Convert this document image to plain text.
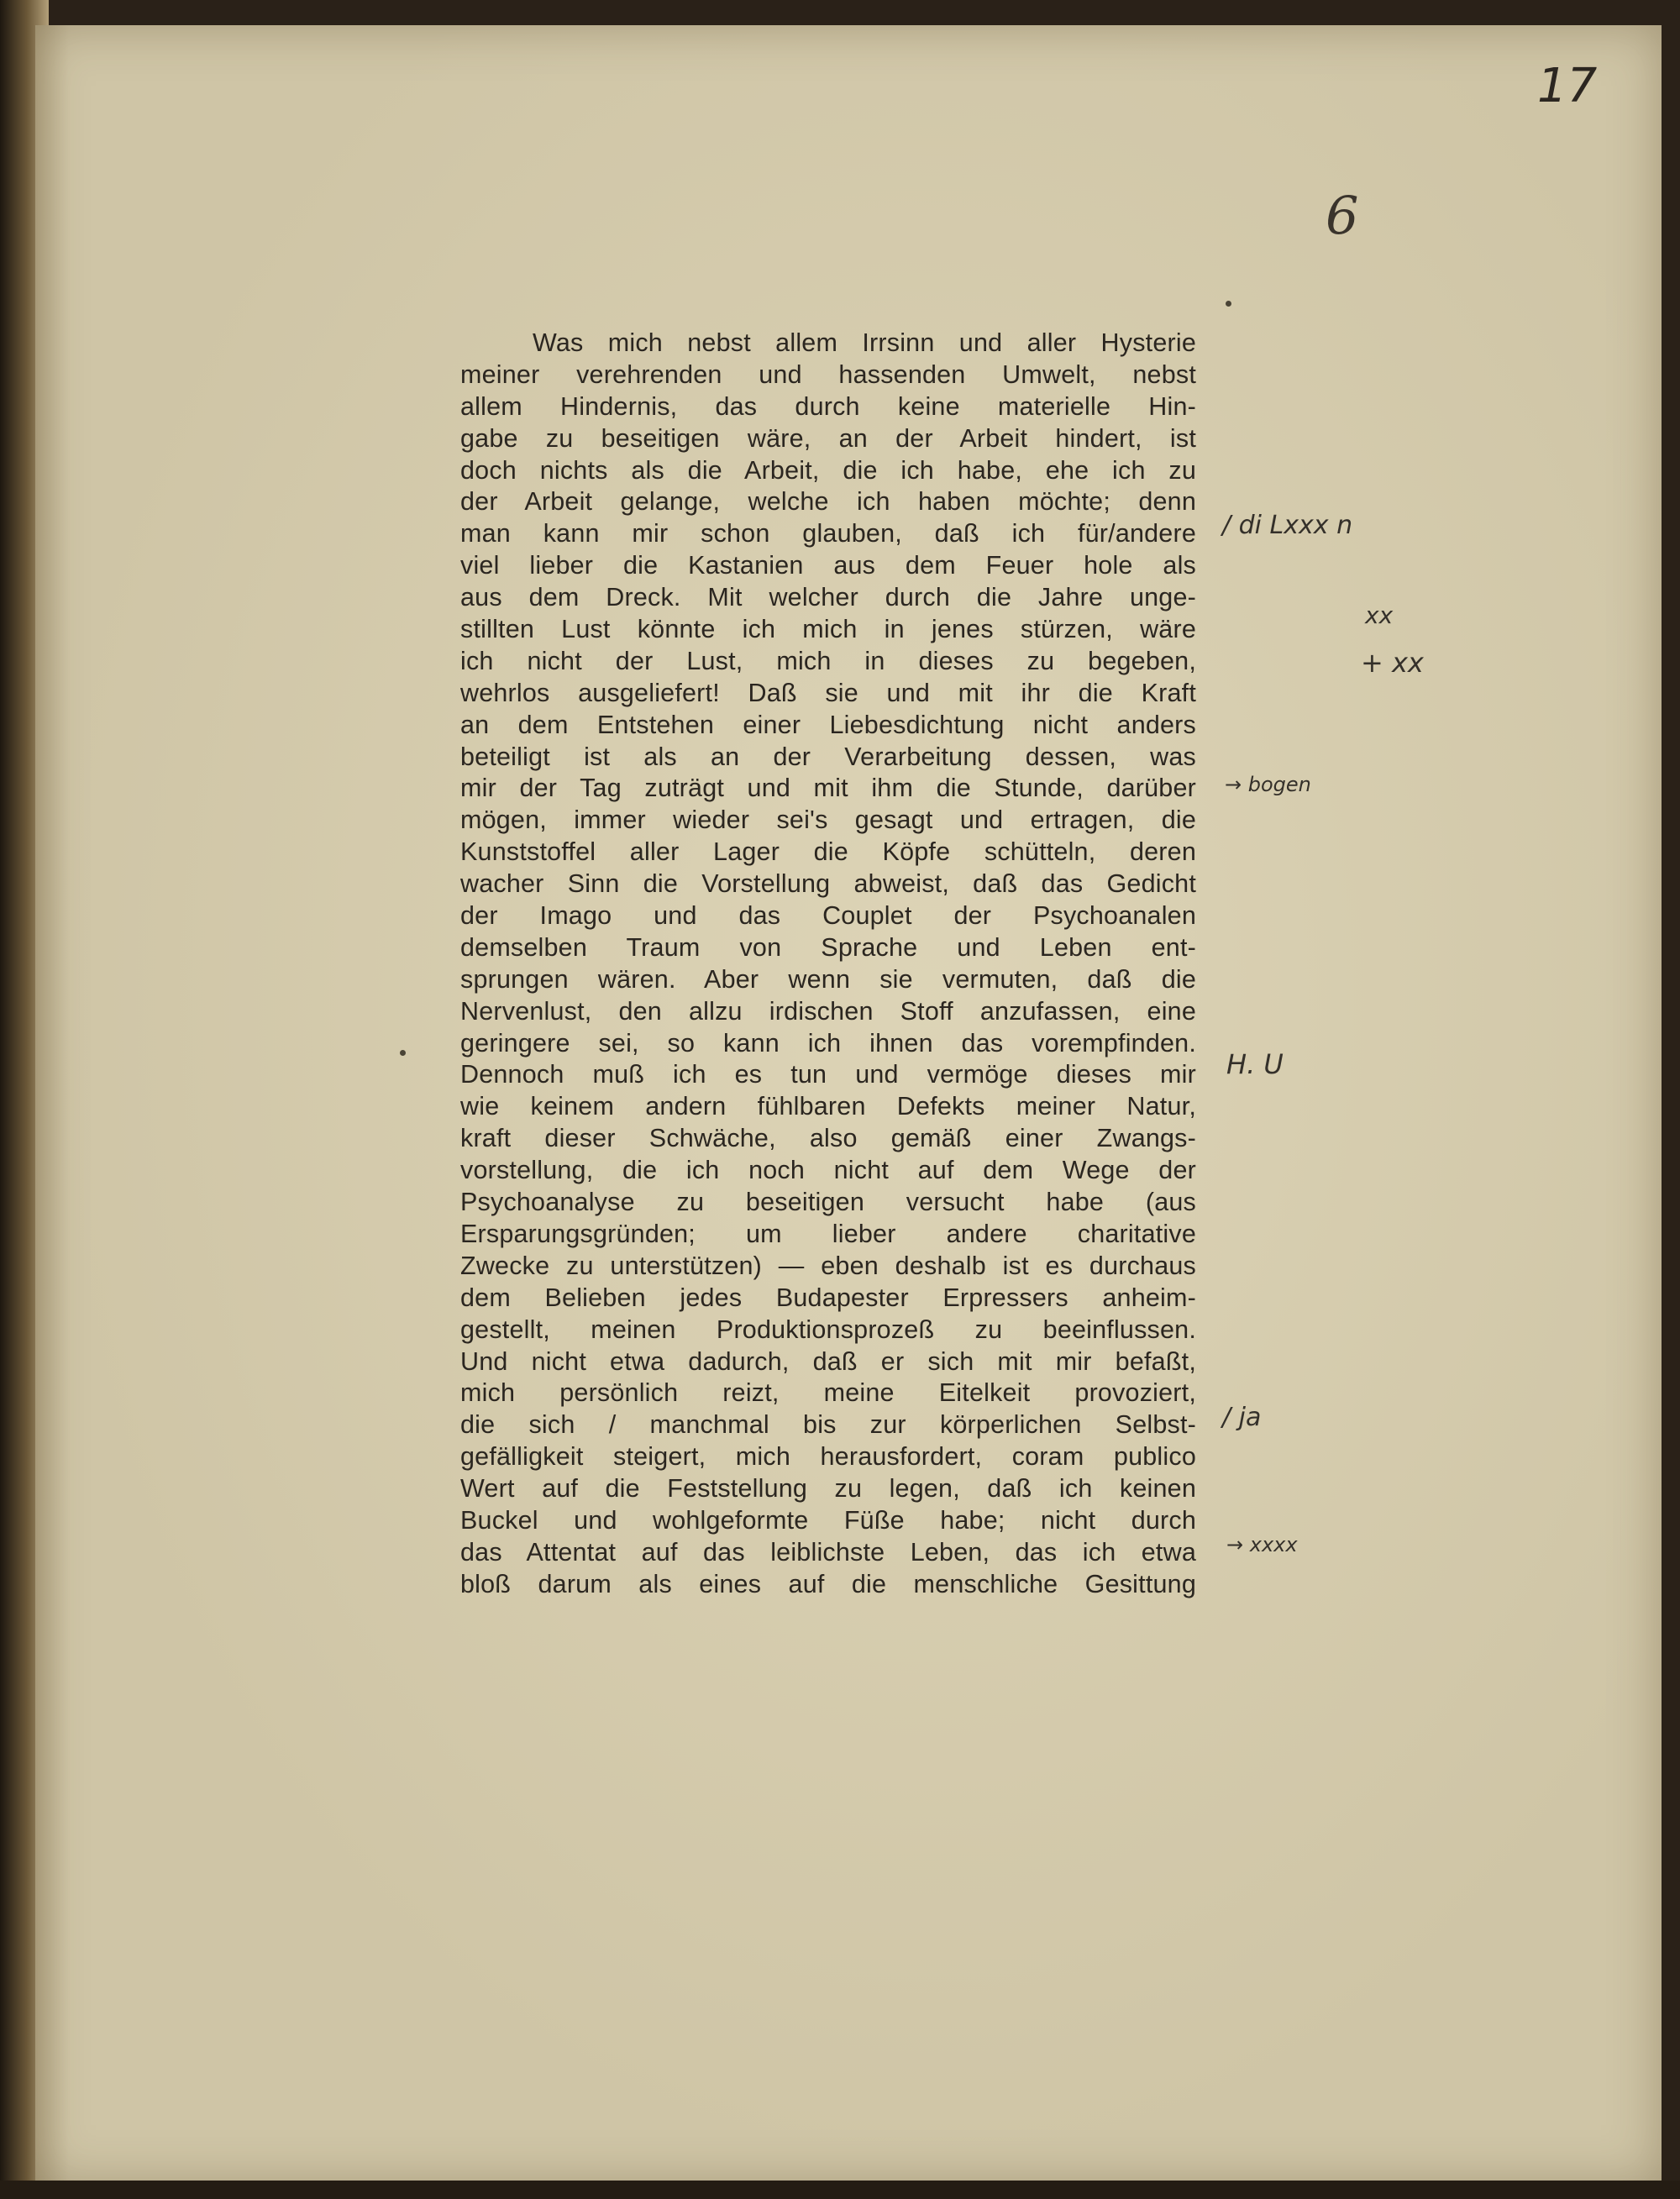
17
6
Was mich nebst allem Irrsinn und aller Hysterie
meiner verehrenden und hassenden Umwelt, nebst
allem Hindernis, das durch keine materielle Hin-
gabe zu beseitigen wäre, an der Arbeit hindert, ist
doch nichts als die Arbeit, die ich habe, ehe ich zu
der Arbeit gelange, welche ich haben möchte; denn
man kann mir schon glauben, daß ich für/andere
viel lieber die Kastanien aus dem Feuer hole als
aus dem Dreck. Mit welcher durch die Jahre unge-
stillten Lust könnte ich mich in jenes stürzen, wäre
ich nicht der Lust, mich in dieses zu begeben,
wehrlos ausgeliefert! Daß sie und mit ihr die Kraft
an dem Entstehen einer Liebesdichtung nicht anders
beteiligt ist als an der Verarbeitung dessen, was
mir der Tag zuträgt und mit ihm die Stunde, darüber
mögen, immer wieder sei's gesagt und ertragen, die
Kunststoffel aller Lager die Köpfe schütteln, deren
wacher Sinn die Vorstellung abweist, daß das Gedicht
der Imago und das Couplet der Psychoanalen
demselben Traum von Sprache und Leben ent-
sprungen wären. Aber wenn sie vermuten, daß die
Nervenlust, den allzu irdischen Stoff anzufassen, eine
geringere sei, so kann ich ihnen das vorempfinden.
Dennoch muß ich es tun und vermöge dieses mir
wie keinem andern fühlbaren Defekts meiner Natur,
kraft dieser Schwäche, also gemäß einer Zwangs-
vorstellung, die ich noch nicht auf dem Wege der
Psychoanalyse zu beseitigen versucht habe (aus
Ersparungsgründen; um lieber andere charitative
Zwecke zu unterstützen) — eben deshalb ist es durchaus
dem Belieben jedes Budapester Erpressers anheim-
gestellt, meinen Produktionsprozeß zu beeinflussen.
Und nicht etwa dadurch, daß er sich mit mir befaßt,
mich persönlich reizt, meine Eitelkeit provoziert,
die sich / manchmal bis zur körperlichen Selbst-
gefälligkeit steigert, mich herausfordert, coram publico
Wert auf die Feststellung zu legen, daß ich keinen
Buckel und wohlgeformte Füße habe; nicht durch
das Attentat auf das leiblichste Leben, das ich etwa
bloß darum als eines auf die menschliche Gesittung
/ di Lxxx n
xx
+ xx
→ bogen
H. U
/ ja
→ xxxx
